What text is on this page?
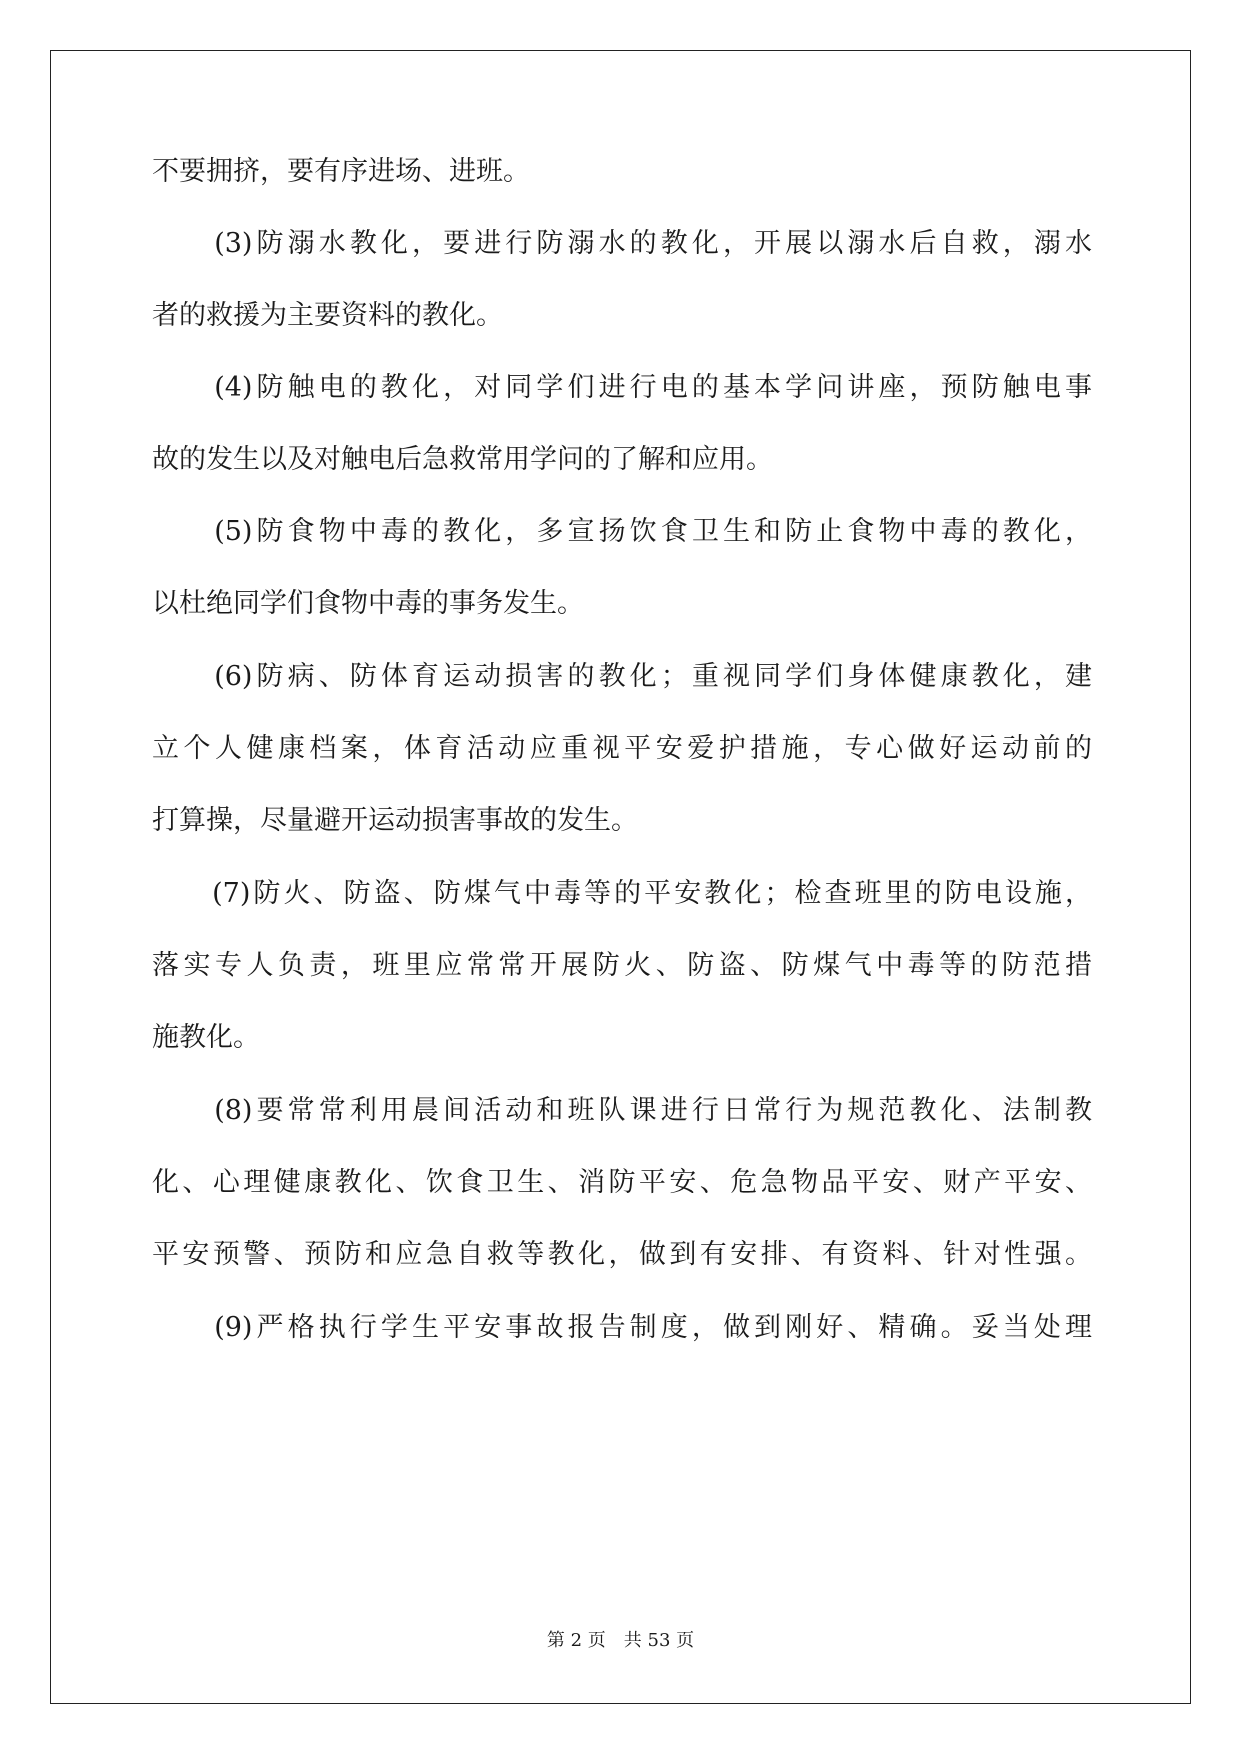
不要拥挤，要有序进场、进班。
　　(3)防溺水教化，要进行防溺水的教化，开展以溺水后自救，溺水
者的救援为主要资料的教化。
　　(4)防触电的教化，对同学们进行电的基本学问讲座，预防触电事
故的发生以及对触电后急救常用学问的了解和应用。
　　(5)防食物中毒的教化，多宣扬饮食卫生和防止食物中毒的教化，
以杜绝同学们食物中毒的事务发生。
　　(6)防病、防体育运动损害的教化；重视同学们身体健康教化，建
立个人健康档案，体育活动应重视平安爱护措施，专心做好运动前的
打算操，尽量避开运动损害事故的发生。
　　(7)防火、防盗、防煤气中毒等的平安教化；检查班里的防电设施，
落实专人负责，班里应常常开展防火、防盗、防煤气中毒等的防范措
施教化。
　　(8)要常常利用晨间活动和班队课进行日常行为规范教化、法制教
化、心理健康教化、饮食卫生、消防平安、危急物品平安、财产平安、
平安预警、预防和应急自救等教化，做到有安排、有资料、针对性强。
　　(9)严格执行学生平安事故报告制度，做到刚好、精确。妥当处理
第 2 页　共 53 页
